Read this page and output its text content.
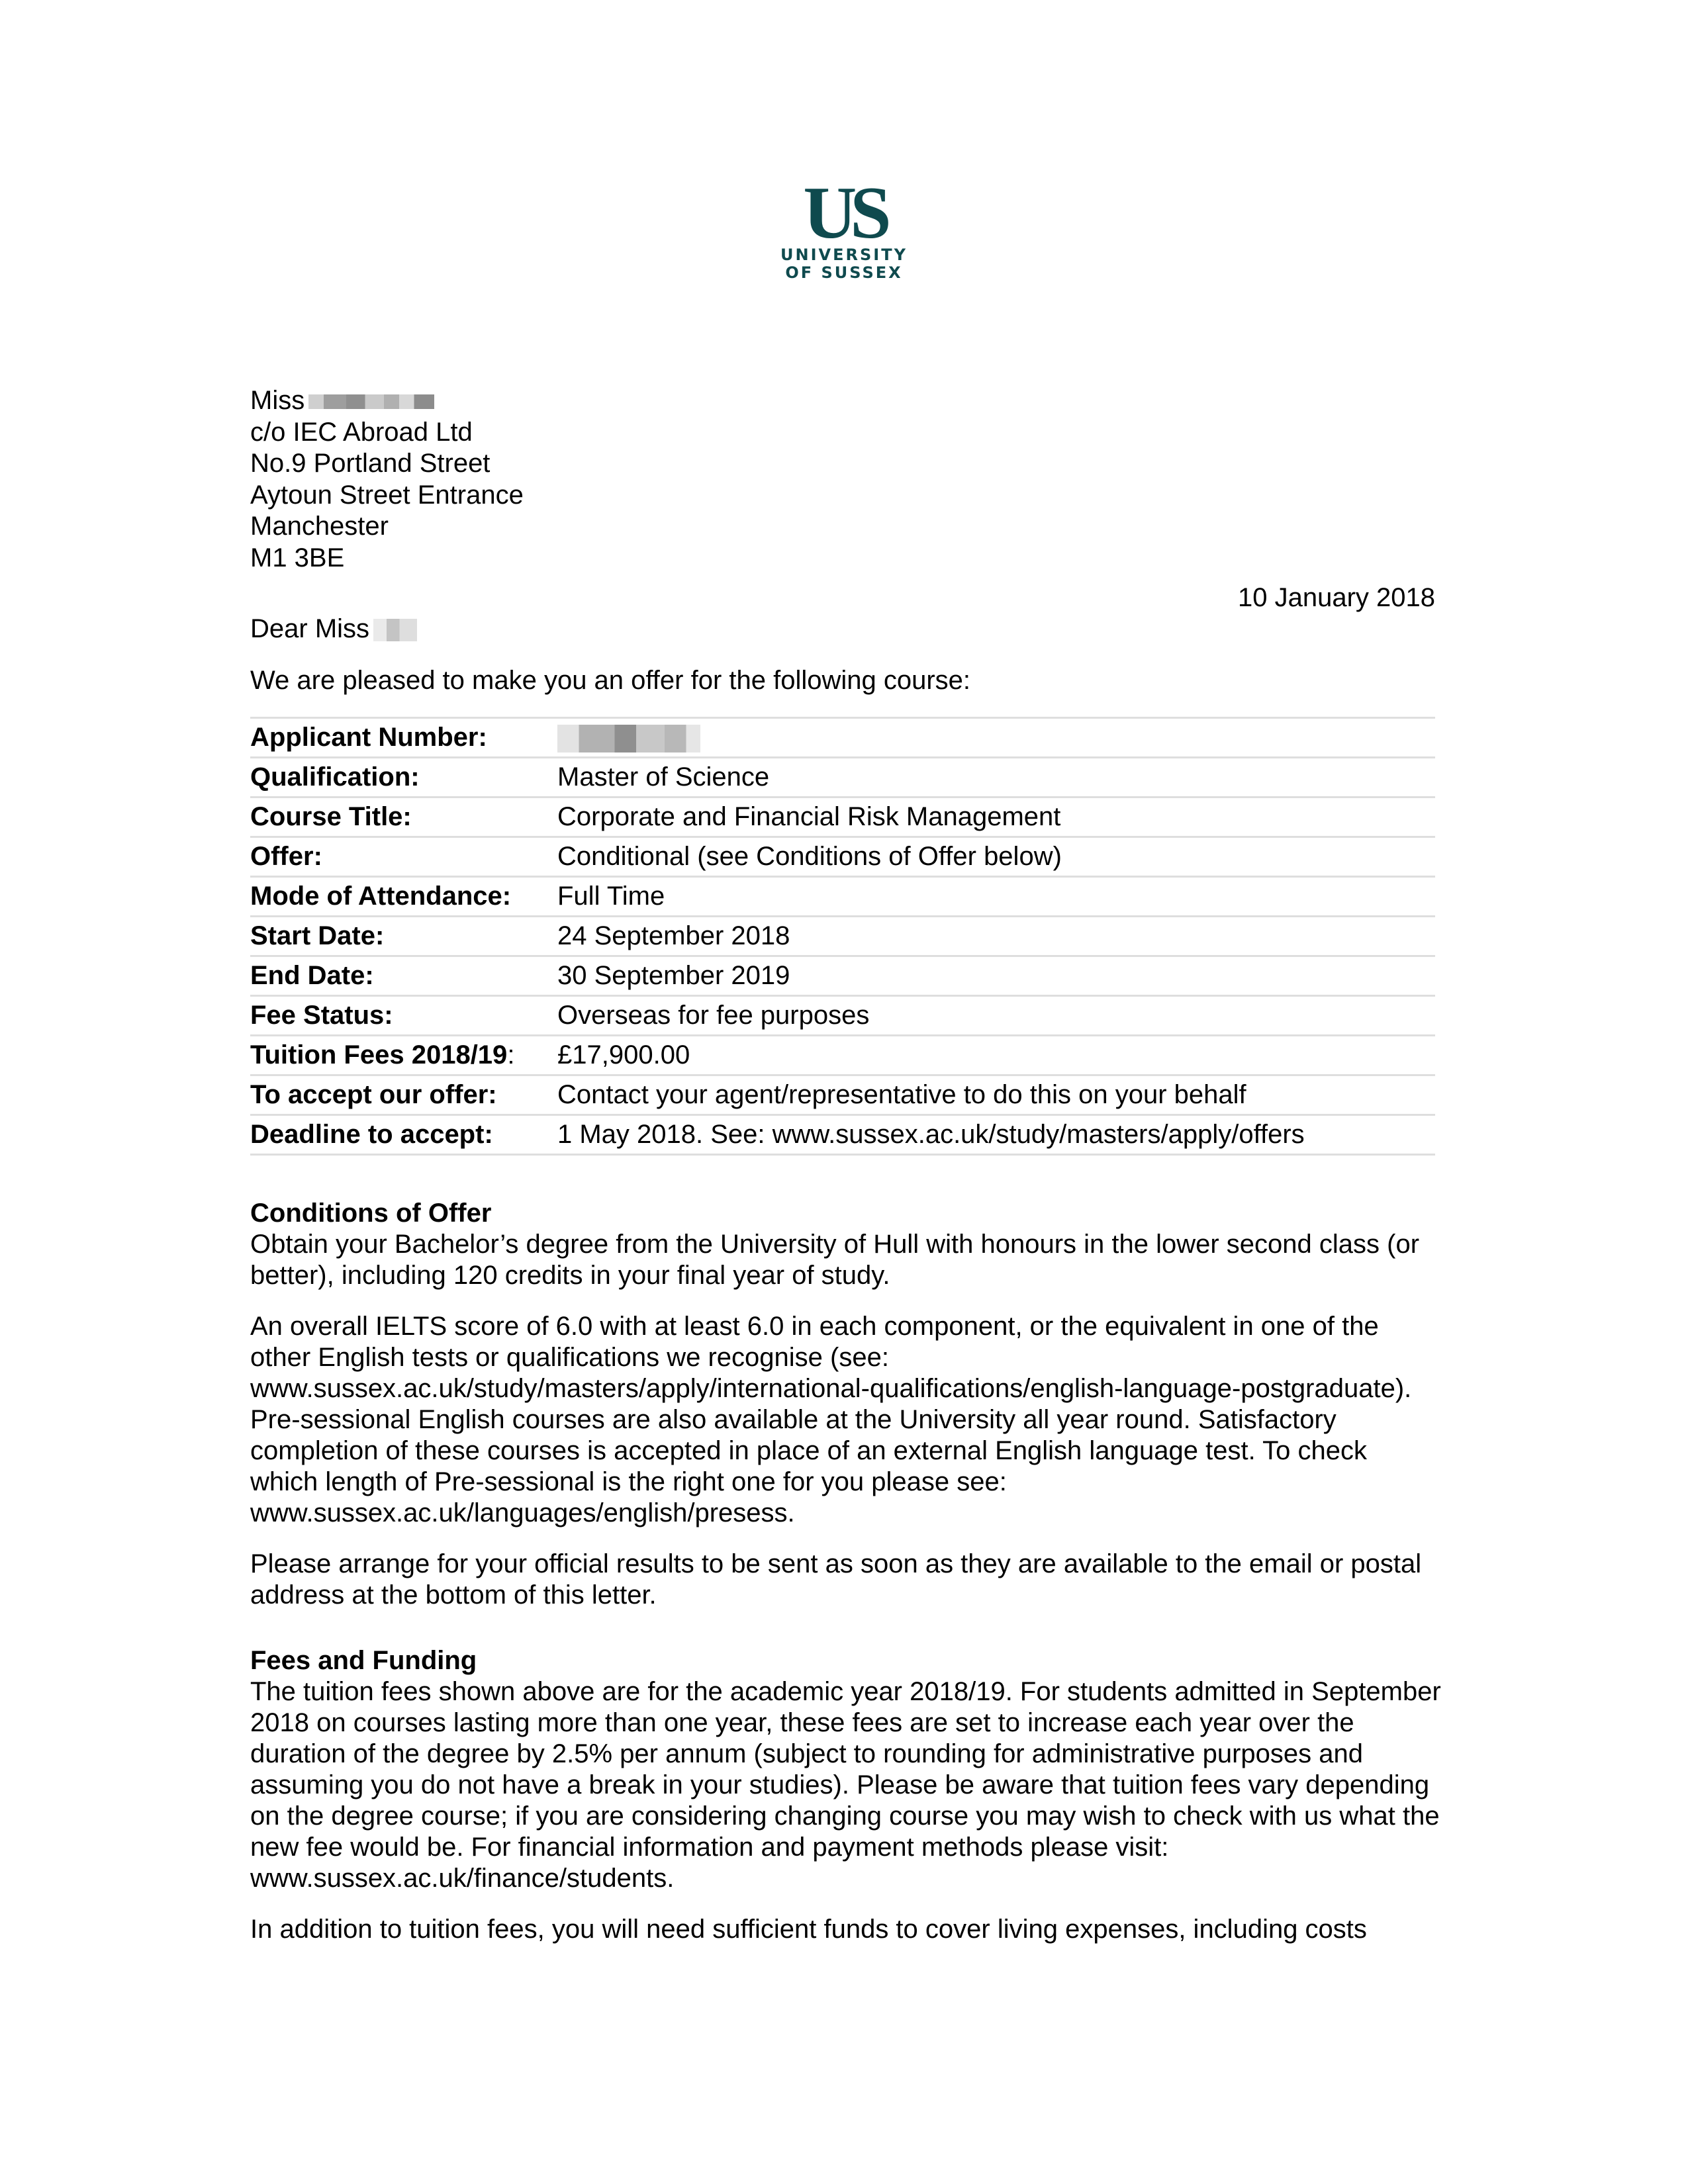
US
UNIVERSITY
OF SUSSEX
Miss
c/o IEC Abroad Ltd
No.9 Portland Street
Aytoun Street Entrance
Manchester
M1 3BE
10 January 2018
Dear Miss
We are pleased to make you an offer for the following course:
Applicant Number:	
Qualification:	Master of Science
Course Title:	Corporate and Financial Risk Management
Offer:	Conditional (see Conditions of Offer below)
Mode of Attendance:	Full Time
Start Date:	24 September 2018
End Date:	30 September 2019
Fee Status:	Overseas for fee purposes
Tuition Fees 2018/19:	£17,900.00
To accept our offer:	Contact your agent/representative to do this on your behalf
Deadline to accept:	1 May 2018. See: www.sussex.ac.uk/study/masters/apply/offers
Conditions of Offer

Obtain your Bachelor’s degree from the University of Hull with honours in the lower second class (or better), including 120 credits in your final year of study.

An overall IELTS score of 6.0 with at least 6.0 in each component, or the equivalent in one of the other English tests or qualifications we recognise (see: www.sussex.ac.uk/study/masters/apply/international-qualifications/english-language-postgraduate). Pre-sessional English courses are also available at the University all year round. Satisfactory completion of these courses is accepted in place of an external English language test. To check which length of Pre-sessional is the right one for you please see: www.sussex.ac.uk/languages/english/presess.

Please arrange for your official results to be sent as soon as they are available to the email or postal address at the bottom of this letter.

Fees and Funding

The tuition fees shown above are for the academic year 2018/19. For students admitted in September 2018 on courses lasting more than one year, these fees are set to increase each year over the duration of the degree by 2.5% per annum (subject to rounding for administrative purposes and assuming you do not have a break in your studies). Please be aware that tuition fees vary depending on the degree course; if you are considering changing course you may wish to check with us what the new fee would be. For financial information and payment methods please visit: www.sussex.ac.uk/finance/students.

In addition to tuition fees, you will need sufficient funds to cover living expenses, including costs
